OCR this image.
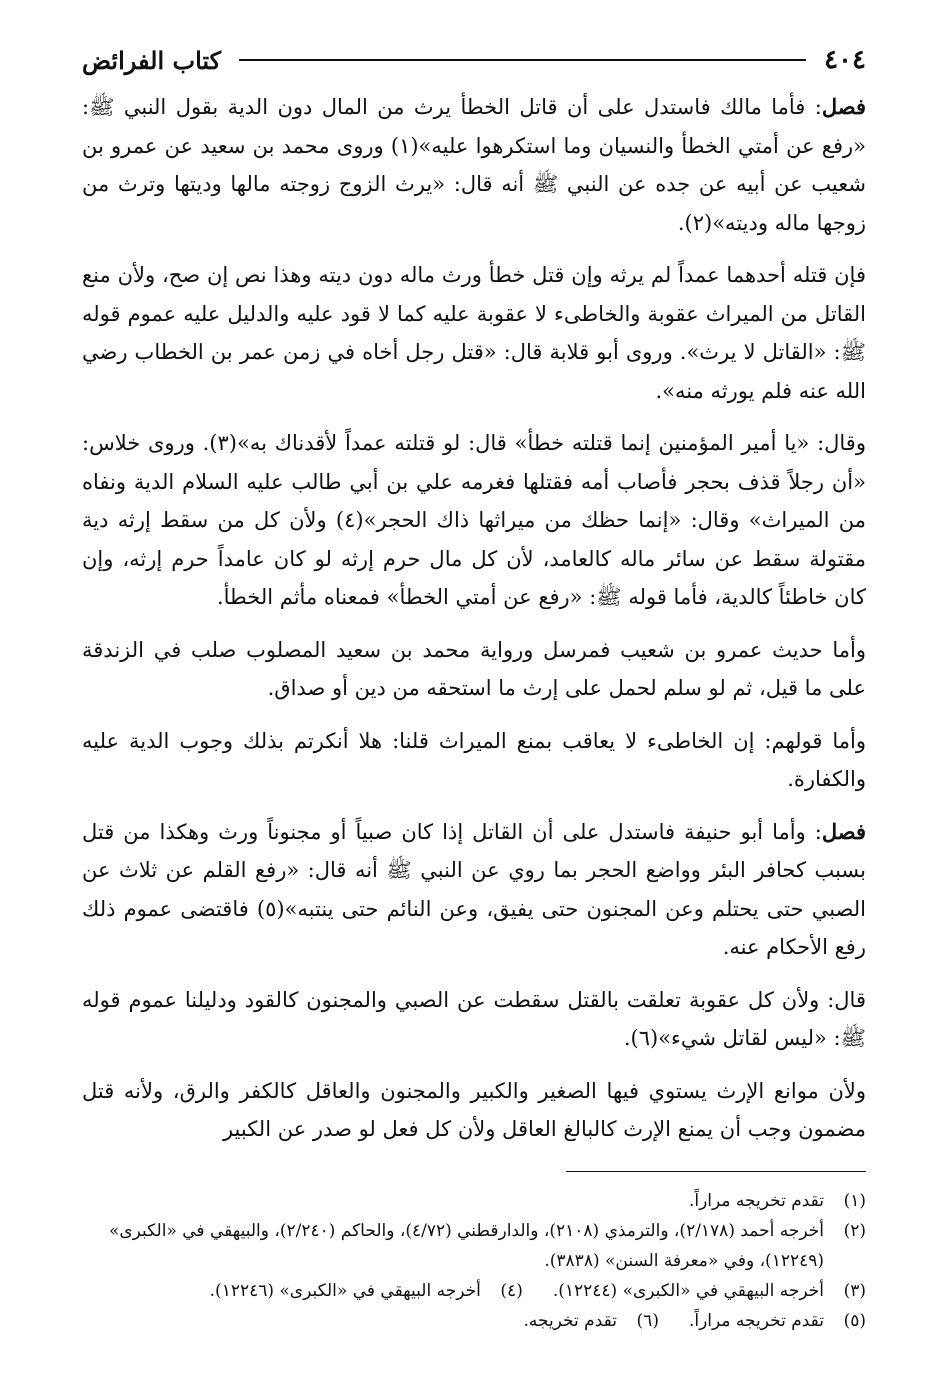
٤٠٤
كتاب الفرائض

فصل: فأما مالك فاستدل على أن قاتل الخطأ يرث من المال دون الدية بقول النبي ﷺ: «رفع عن أمتي الخطأ والنسيان وما استكرهوا عليه»(١) وروى محمد بن سعيد عن عمرو بن شعيب عن أبيه عن جده عن النبي ﷺ أنه قال: «يرث الزوج زوجته مالها وديتها وترث من زوجها ماله وديته»(٢).

فإن قتله أحدهما عمداً لم يرثه وإن قتل خطأ ورث ماله دون ديته وهذا نص إن صح، ولأن منع القاتل من الميراث عقوبة والخاطىء لا عقوبة عليه كما لا قود عليه والدليل عليه عموم قوله ﷺ: «القاتل لا يرث». وروى أبو قلابة قال: «قتل رجل أخاه في زمن عمر بن الخطاب رضي الله عنه فلم يورثه منه».

وقال: «يا أمير المؤمنين إنما قتلته خطأ» قال: لو قتلته عمداً لأقدناك به»(٣). وروى خلاس: «أن رجلاً قذف بحجر فأصاب أمه فقتلها فغرمه علي بن أبي طالب عليه السلام الدية ونفاه من الميراث» وقال: «إنما حظك من ميراثها ذاك الحجر»(٤) ولأن كل من سقط إرثه دية مقتولة سقط عن سائر ماله كالعامد، لأن كل مال حرم إرثه لو كان عامداً حرم إرثه، وإن كان خاطئاً كالدية، فأما قوله ﷺ: «رفع عن أمتي الخطأ» فمعناه مأثم الخطأ.

وأما حديث عمرو بن شعيب فمرسل ورواية محمد بن سعيد المصلوب صلب في الزندقة على ما قيل، ثم لو سلم لحمل على إرث ما استحقه من دين أو صداق.

وأما قولهم: إن الخاطىء لا يعاقب بمنع الميراث قلنا: هلا أنكرتم بذلك وجوب الدية عليه والكفارة.

فصل: وأما أبو حنيفة فاستدل على أن القاتل إذا كان صبياً أو مجنوناً ورث وهكذا من قتل بسبب كحافر البئر وواضع الحجر بما روي عن النبي ﷺ أنه قال: «رفع القلم عن ثلاث عن الصبي حتى يحتلم وعن المجنون حتى يفيق، وعن النائم حتى ينتبه»(٥) فاقتضى عموم ذلك رفع الأحكام عنه.

قال: ولأن كل عقوبة تعلقت بالقتل سقطت عن الصبي والمجنون كالقود ودليلنا عموم قوله ﷺ: «ليس لقاتل شيء»(٦).

ولأن موانع الإرث يستوي فيها الصغير والكبير والمجنون والعاقل كالكفر والرق، ولأنه قتل مضمون وجب أن يمنع الإرث كالبالغ العاقل ولأن كل فعل لو صدر عن الكبير

(١)
تقدم تخريجه مراراً.
(٢)
أخرجه أحمد (٢/١٧٨)، والترمذي (٢١٠٨)، والدارقطني (٤/٧٢)، والحاكم (٢/٢٤٠)، والبيهقي في «الكبرى» (١٢٢٤٩)، وفي «معرفة السنن» (٣٨٣٨).
(٣)
أخرجه البيهقي في «الكبرى» (١٢٢٤٤).
(٤)
أخرجه البيهقي في «الكبرى» (١٢٢٤٦).
(٥)
تقدم تخريجه مراراً.
(٦)
تقدم تخريجه.
